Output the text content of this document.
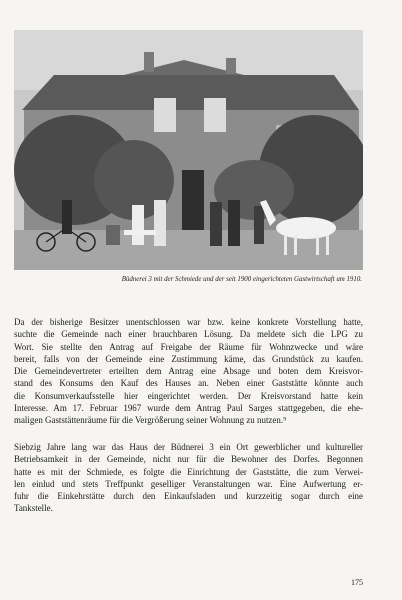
Büdnerei 3 mit der Schmiede und der seit 1900 eingerichteten Gastwirtschaft um 1910.
Da der bisherige Besitzer unentschlossen war bzw. keine konkrete Vorstellung hatte,
suchte die Gemeinde nach einer brauchbaren Lösung. Da meldete sich die LPG zu
Wort. Sie stellte den Antrag auf Freigabe der Räume für Wohnzwecke und wäre
bereit, falls von der Gemeinde eine Zustimmung käme, das Grundstück zu kaufen.
Die Gemeindevertreter erteilten dem Antrag eine Absage und boten dem Kreisvor-
stand des Konsums den Kauf des Hauses an. Neben einer Gaststätte könnte auch
die Konsumverkaufsstelle hier eingerichtet werden. Der Kreisvorstand hatte kein
Interesse. Am 17. Februar 1967 wurde dem Antrag Paul Sarges stattgegeben, die ehe-
maligen Gaststättenräume für die Vergrößerung seiner Wohnung zu nutzen.⁹
Siebzig Jahre lang war das Haus der Büdnerei 3 ein Ort gewerblicher und kultureller
Betriebsamkeit in der Gemeinde, nicht nur für die Bewohner des Dorfes. Begonnen
hatte es mit der Schmiede, es folgte die Einrichtung der Gaststätte, die zum Verwei-
len einlud und stets Treffpunkt geselliger Veranstaltungen war. Eine Aufwertung er-
fuhr die Einkehrstätte durch den Einkaufsladen und kurzzeitig sogar durch eine
Tankstelle.
175
